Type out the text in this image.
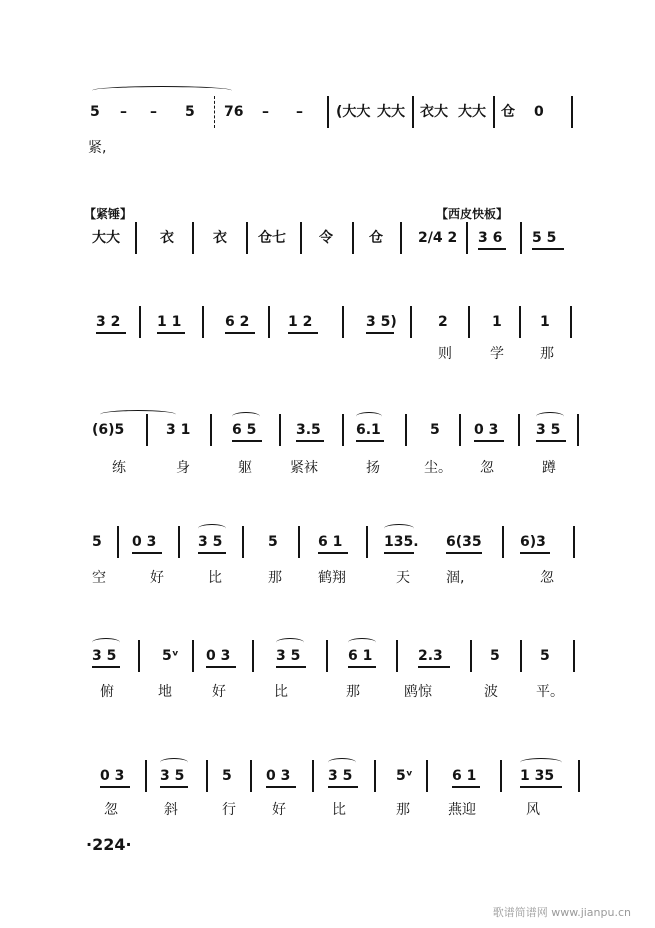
5 – – 5 76 – – (大大 大大 衣大 大大 仓 0
紧,
【紧锤】	【西皮快板】
大大	衣	衣 仓七 令	仓	2/4 2 3 6 5 5
3 2	1 1	6 2	1 2	3 5)	2	1	1
则	学	那
(6)5	3 1	6 5	3.5	6.1	5 0 3	3 5
练	身	躯	紧袜	扬	尘。 忽	蹲
5 0 3	3 5	5	6 1	135. 6(35	6)3
空	好	比	那	鹤翔	天	涸,	忽
3 5	5ᵛ 0 3	3 5	6 1	2.3	5	5
俯	地	好	比	那	鸥惊	波	平。
0 3	3 5	5 0 3	3 5	5ᵛ	6 1	1 35
忽	斜	行	好	比	那	燕迎	风
·224·
歌谱简谱网 www.jianpu.cn
